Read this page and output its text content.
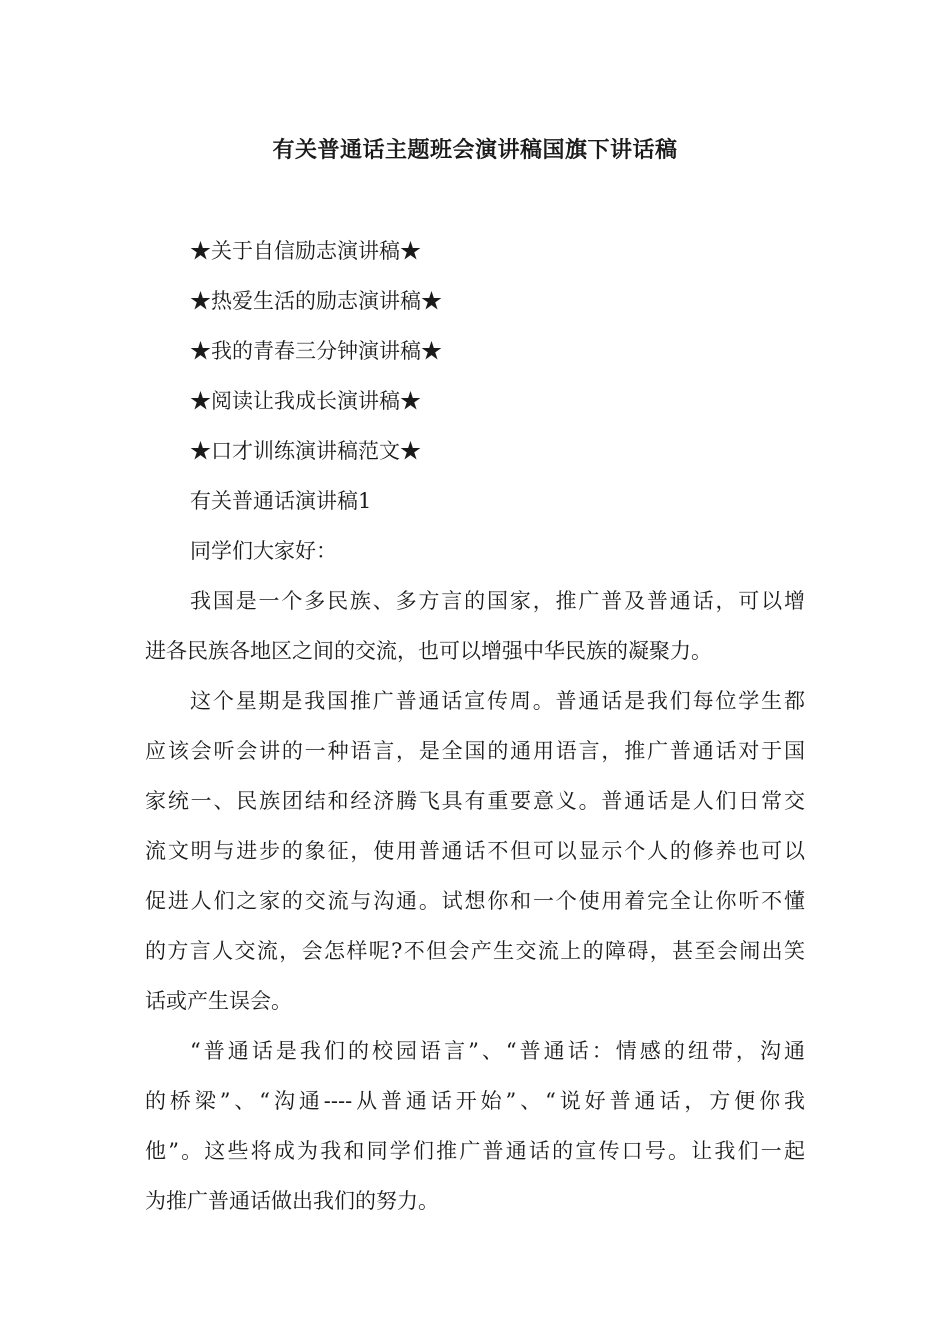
有关普通话主题班会演讲稿国旗下讲话稿
★关于自信励志演讲稿★
★热爱生活的励志演讲稿★
★我的青春三分钟演讲稿★
★阅读让我成长演讲稿★
★口才训练演讲稿范文★
有关普通话演讲稿1
同学们大家好：
我国是一个多民族、多方言的国家，推广普及普通话，可以增
进各民族各地区之间的交流，也可以增强中华民族的凝聚力。
这个星期是我国推广普通话宣传周。普通话是我们每位学生都
应该会听会讲的一种语言，是全国的通用语言，推广普通话对于国
家统一、民族团结和经济腾飞具有重要意义。普通话是人们日常交
流文明与进步的象征，使用普通话不但可以显示个人的修养也可以
促进人们之家的交流与沟通。试想你和一个使用着完全让你听不懂
的方言人交流，会怎样呢?不但会产生交流上的障碍，甚至会闹出笑
话或产生误会。
“普通话是我们的校园语言”、“普通话：情感的纽带，沟通
的桥梁”、“沟通----从普通话开始”、“说好普通话，方便你我
他”。这些将成为我和同学们推广普通话的宣传口号。让我们一起
为推广普通话做出我们的努力。
